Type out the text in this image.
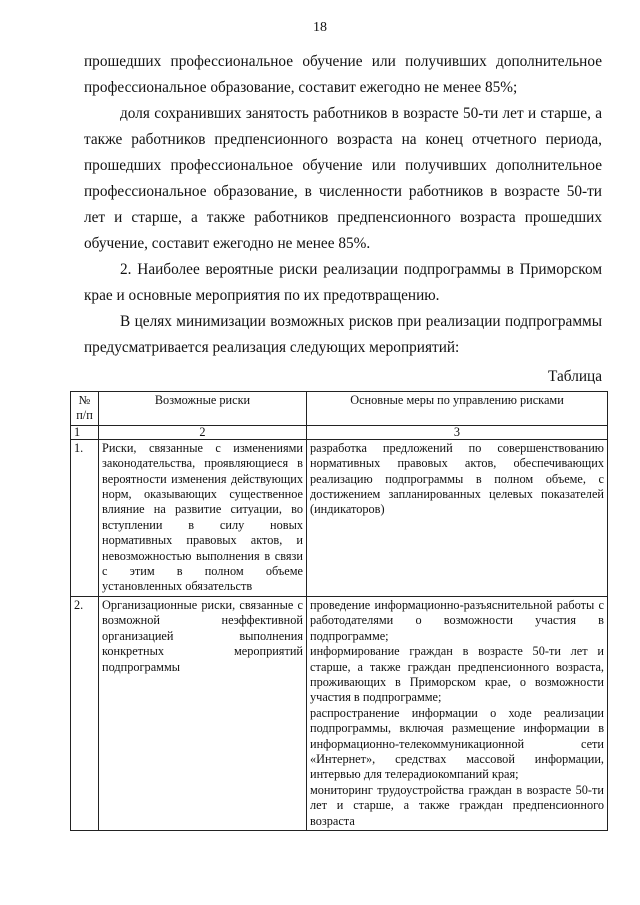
18

прошедших профессиональное обучение или получивших дополнительное профессиональное образование, составит ежегодно не менее 85%;

доля сохранивших занятость работников в возрасте 50-ти лет и старше, а также работников предпенсионного возраста на конец отчетного периода, прошедших профессиональное обучение или получивших дополнительное профессиональное образование, в численности работников в возрасте 50-ти лет и старше, а также работников предпенсионного возраста прошедших обучение, составит ежегодно не менее 85%.

2. Наиболее вероятные риски реализации подпрограммы в Приморском крае и основные мероприятия по их предотвращению.

В целях минимизации возможных рисков при реализации подпрограммы предусматривается реализация следующих мероприятий:

Таблица
№ п/п	Возможные риски	Основные меры по управлению рисками
1	2	3
1.	Риски, связанные с изменениями законодательства, проявляющиеся в вероятности изменения действующих норм, оказывающих существенное влияние на развитие ситуации, во вступлении в силу новых нормативных правовых актов, и невозможностью выполнения в связи с этим в полном объеме установленных обязательств	разработка предложений по совершенствованию нормативных правовых актов, обеспечивающих реализацию подпрограммы в полном объеме, с достижением запланированных целевых показателей (индикаторов)

2.	Организационные риски, связанные с возможной неэффективной организацией выполнения конкретных мероприятий подпрограммы	проведение информационно-разъяснительной работы с работодателями о возможности участия в подпрограмме;
информирование граждан в возрасте 50-ти лет и старше, а также граждан предпенсионного возраста, проживающих в Приморском крае, о возможности участия в подпрограмме;
распространение информации о ходе реализации подпрограммы, включая размещение информации в информационно-телекоммуникационной сети «Интернет», средствах массовой информации, интервью для телерадиокомпаний края;
мониторинг трудоустройства граждан в возрасте 50-ти лет и старше, а также граждан предпенсионного возраста
